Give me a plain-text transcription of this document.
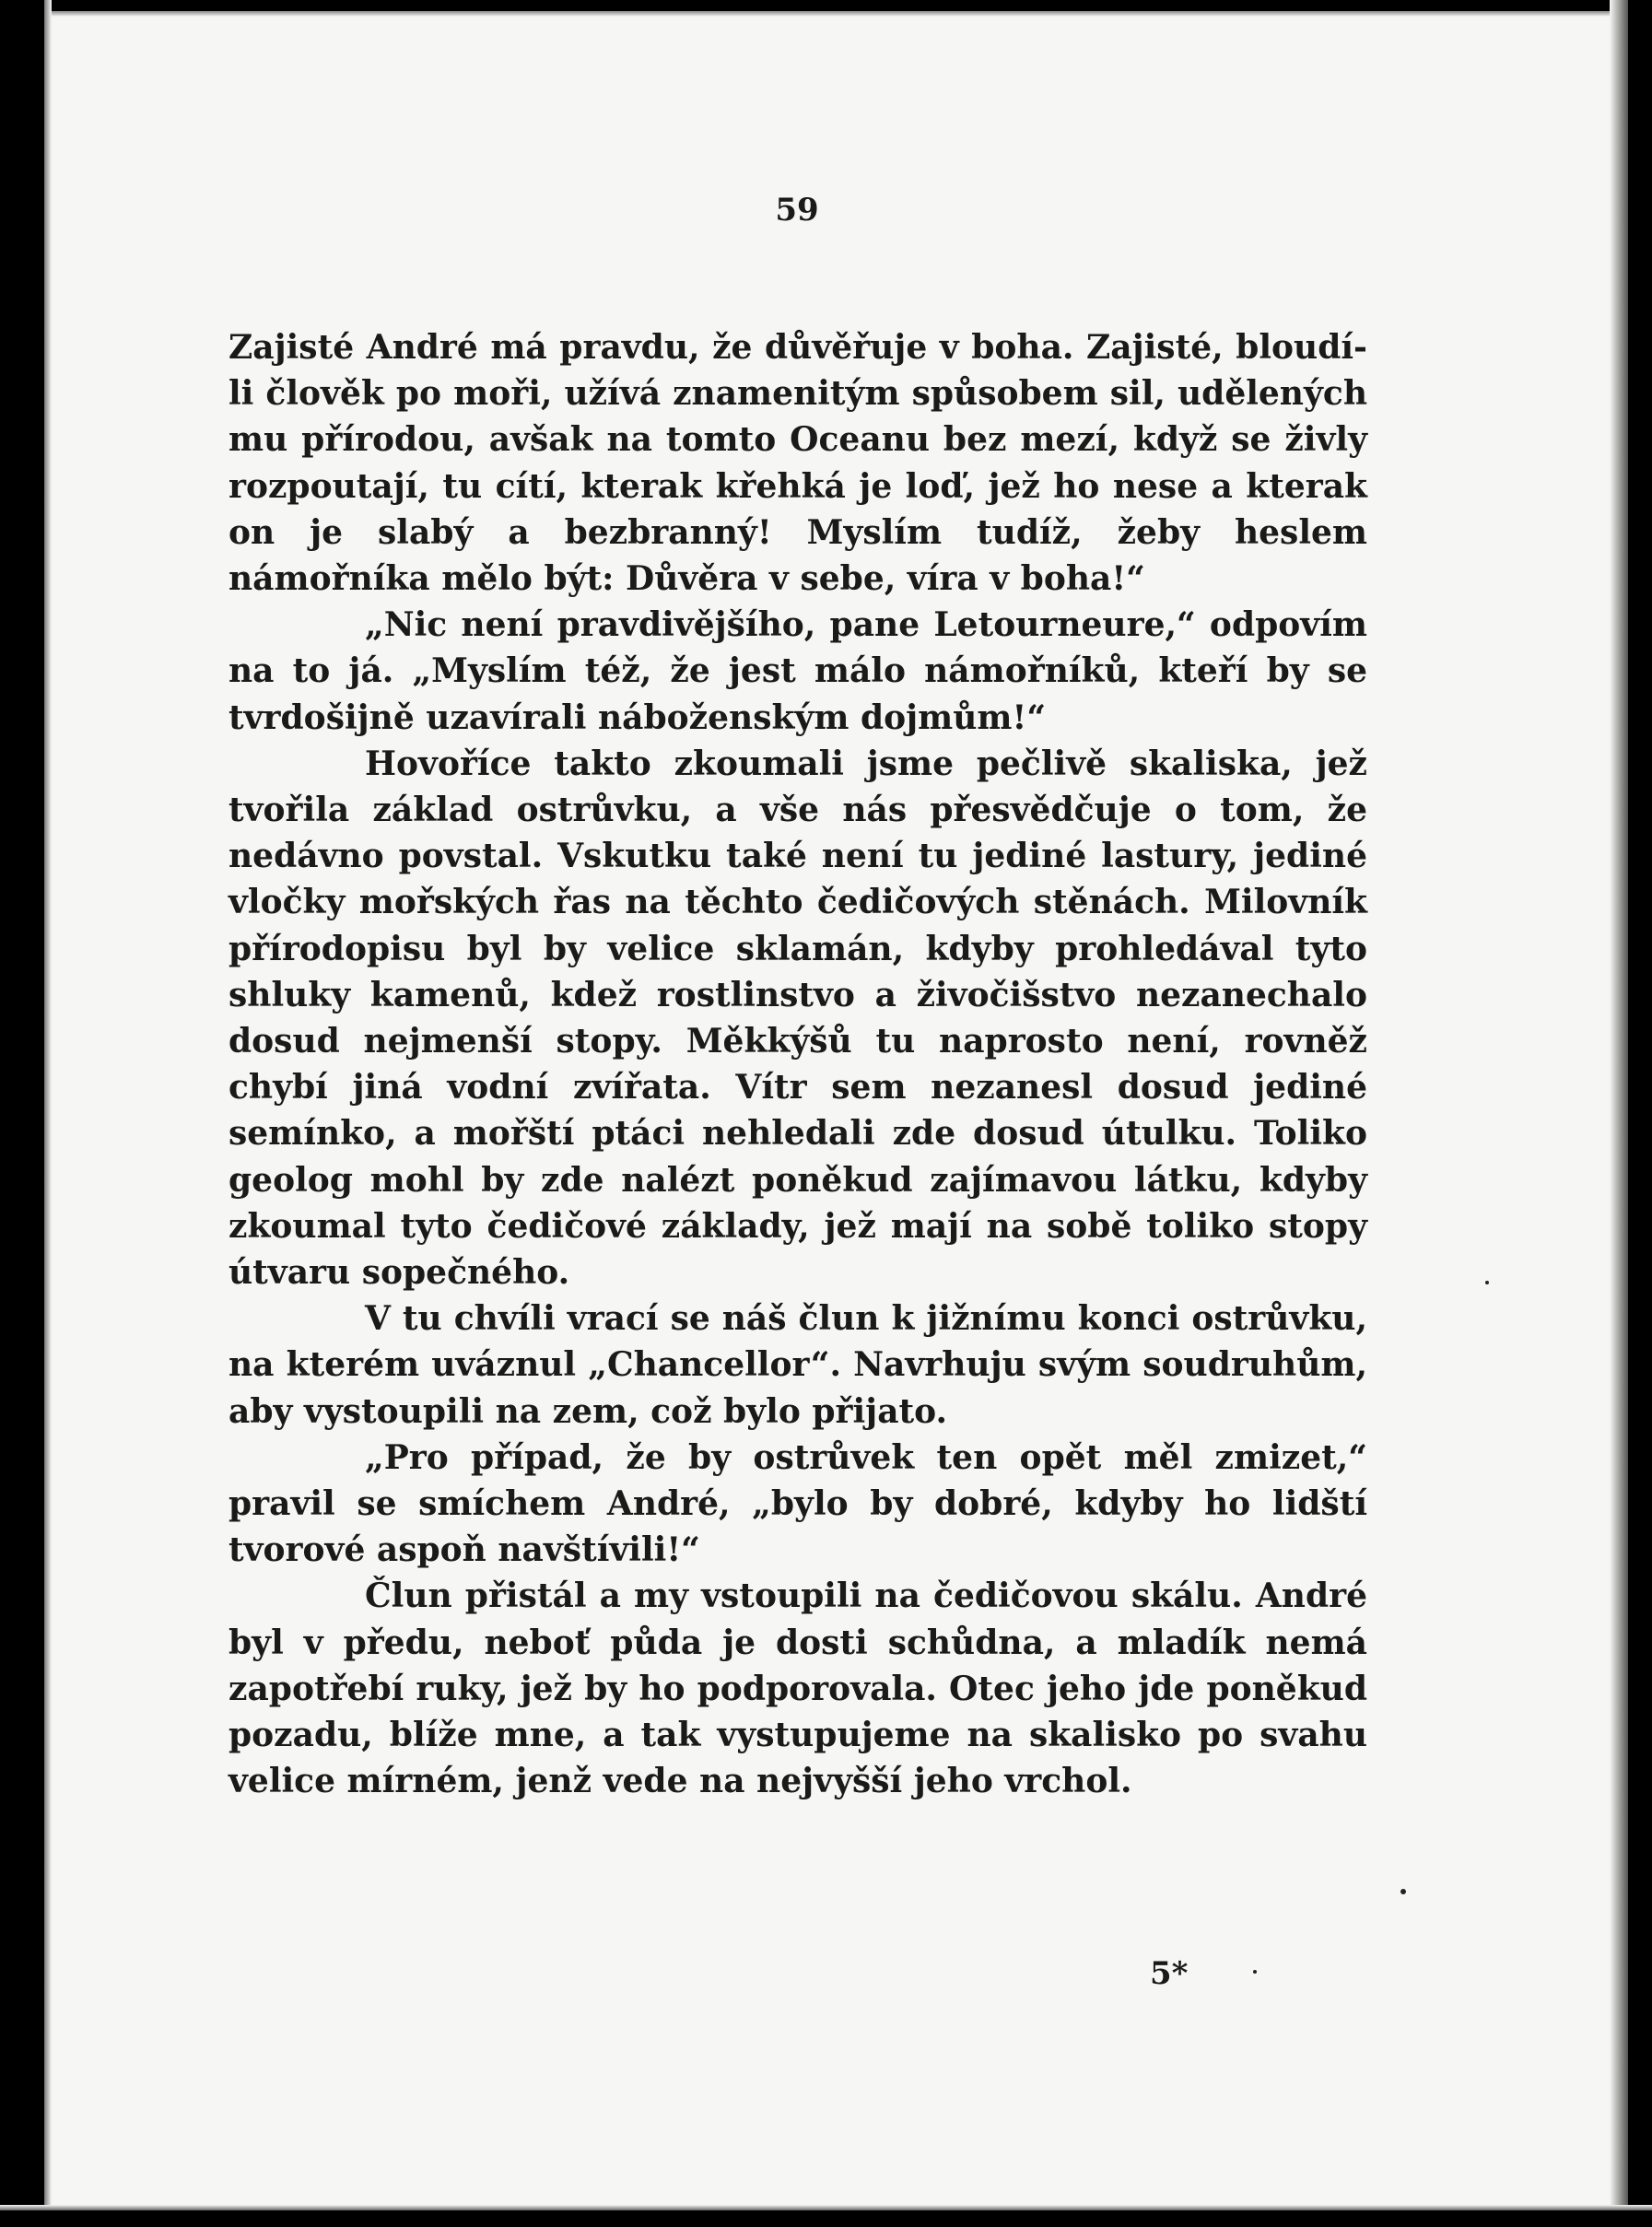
59

Zajisté André má pravdu, že důvěřuje v boha. Zajisté, bloudí-li člověk po moři, užívá znamenitým spůsobem sil, udělených mu přírodou, avšak na tomto Oceanu bez mezí, když se živly rozpoutají, tu cítí, kterak křehká je loď, jež ho nese a kterak on je slabý a bezbranný! Myslím tudíž, žeby heslem námořníka mělo být: Důvěra v sebe, víra v boha!“

„Nic není pravdivějšího, pane Letourneure,“ odpovím na to já. „Myslím též, že jest málo námořníků, kteří by se tvrdošijně uzavírali náboženským dojmům!“

Hovoříce takto zkoumali jsme pečlivě skaliska, jež tvořila základ ostrůvku, a vše nás přesvědčuje o tom, že nedávno povstal. Vskutku také není tu jediné lastury, jediné vločky mořských řas na těchto čedičových stěnách. Milovník přírodopisu byl by velice sklamán, kdyby prohledával tyto shluky kamenů, kdež rostlinstvo a živočišstvo nezanechalo dosud nejmenší stopy. Měkkýšů tu naprosto není, rovněž chybí jiná vodní zvířata. Vítr sem nezanesl dosud jediné semínko, a mořští ptáci nehledali zde dosud útulku. Toliko geolog mohl by zde nalézt poněkud zajímavou látku, kdyby zkoumal tyto čedičové základy, jež mají na sobě toliko stopy útvaru sopečného.

V tu chvíli vrací se náš člun k jižnímu konci ostrůvku, na kterém uváznul „Chancellor“. Navrhuju svým soudruhům, aby vystoupili na zem, což bylo přijato.

„Pro případ, že by ostrůvek ten opět měl zmizet,“ pravil se smíchem André, „bylo by dobré, kdyby ho lidští tvorové aspoň navštívili!“

Člun přistál a my vstoupili na čedičovou skálu. André byl v předu, neboť půda je dosti schůdna, a mladík nemá zapotřebí ruky, jež by ho podporovala. Otec jeho jde poněkud pozadu, blíže mne, a tak vystupujeme na skalisko po svahu velice mírném, jenž vede na nejvyšší jeho vrchol.

5*
